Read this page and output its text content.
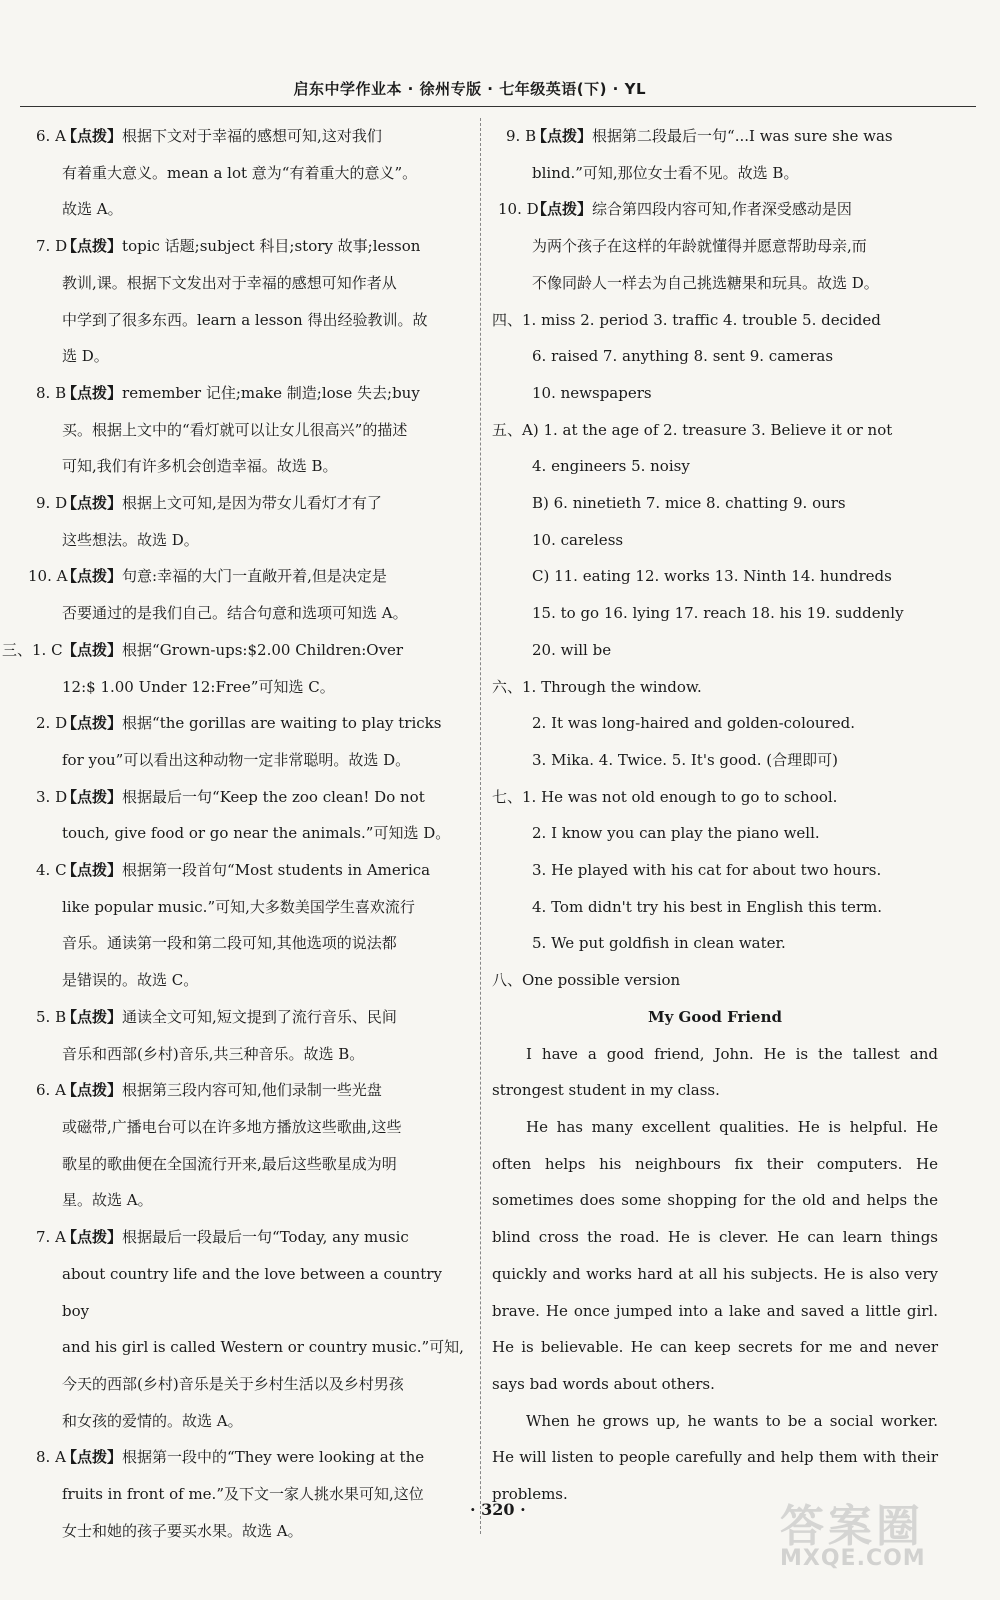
启东中学作业本 · 徐州专版 · 七年级英语(下) · YL
6. A 【 点拨 】 根据下文对于幸福的感想可知,这对我们
有着重大意义。mean a lot 意为“有着重大的意义”。
故选 A。
7. D 【 点拨 】 topic 话题;subject 科目;story 故事;lesson
教训,课。根据下文发出对于幸福的感想可知作者从
中学到了很多东西。learn a lesson 得出经验教训。故
选 D。
8. B 【 点拨 】 remember 记住;make 制造;lose 失去;buy
买。根据上文中的“看灯就可以让女儿很高兴”的描述
可知,我们有许多机会创造幸福。故选 B。
9. D 【 点拨 】 根据上文可知,是因为带女儿看灯才有了
这些想法。故选 D。
10. A 【 点拨 】 句意:幸福的大门一直敞开着,但是决定是
否要通过的是我们自己。结合句意和选项可知选 A。
三、1. C 【 点拨 】 根据“Grown-ups:$2.00 Children:Over
12:$ 1.00 Under 12:Free”可知选 C。
2. D 【 点拨 】 根据“the gorillas are waiting to play tricks
for you”可以看出这种动物一定非常聪明。故选 D。
3. D 【 点拨 】 根据最后一句“Keep the zoo clean! Do not
touch, give food or go near the animals.”可知选 D。
4. C 【 点拨 】 根据第一段首句“Most students in America
like popular music.”可知,大多数美国学生喜欢流行
音乐。通读第一段和第二段可知,其他选项的说法都
是错误的。故选 C。
5. B 【 点拨 】 通读全文可知,短文提到了流行音乐、民间
音乐和西部(乡村)音乐,共三种音乐。故选 B。
6. A 【 点拨 】 根据第三段内容可知,他们录制一些光盘
或磁带,广播电台可以在许多地方播放这些歌曲,这些
歌星的歌曲便在全国流行开来,最后这些歌星成为明
星。故选 A。
7. A 【 点拨 】 根据最后一段最后一句“Today, any music
about country life and the love between a country boy
and his girl is called Western or country music.”可知,
今天的西部(乡村)音乐是关于乡村生活以及乡村男孩
和女孩的爱情的。故选 A。
8. A 【 点拨 】 根据第一段中的“They were looking at the
fruits in front of me.”及下文一家人挑水果可知,这位
女士和她的孩子要买水果。故选 A。
9. B 【 点拨 】 根据第二段最后一句“...I was sure she was
blind.”可知,那位女士看不见。故选 B。
10. D 【 点拨 】 综合第四段内容可知,作者深受感动是因
为两个孩子在这样的年龄就懂得并愿意帮助母亲,而
不像同龄人一样去为自己挑选糖果和玩具。故选 D。
四、1. miss 2. period 3. traffic 4. trouble 5. decided
6. raised 7. anything 8. sent 9. cameras
10. newspapers
五、A) 1. at the age of 2. treasure 3. Believe it or not
4. engineers 5. noisy
B) 6. ninetieth 7. mice 8. chatting 9. ours
10. careless
C) 11. eating 12. works 13. Ninth 14. hundreds
15. to go 16. lying 17. reach 18. his 19. suddenly
20. will be
六、1. Through the window.
2. It was long-haired and golden-coloured.
3. Mika. 4. Twice. 5. It's good. (合理即可)
七、1. He was not old enough to go to school.
2. I know you can play the piano well.
3. He played with his cat for about two hours.
4. Tom didn't try his best in English this term.
5. We put goldfish in clean water.
八、One possible version
My Good Friend
I have a good friend, John. He is the tallest and strongest student in my class.
He has many excellent qualities. He is helpful. He often helps his neighbours fix their computers. He sometimes does some shopping for the old and helps the blind cross the road. He is clever. He can learn things quickly and works hard at all his subjects. He is also very brave. He once jumped into a lake and saved a little girl. He is believable. He can keep secrets for me and never says bad words about others.
When he grows up, he wants to be a social worker. He will listen to people carefully and help them with their problems.
· 320 ·	答案圈
MXQE.COM
